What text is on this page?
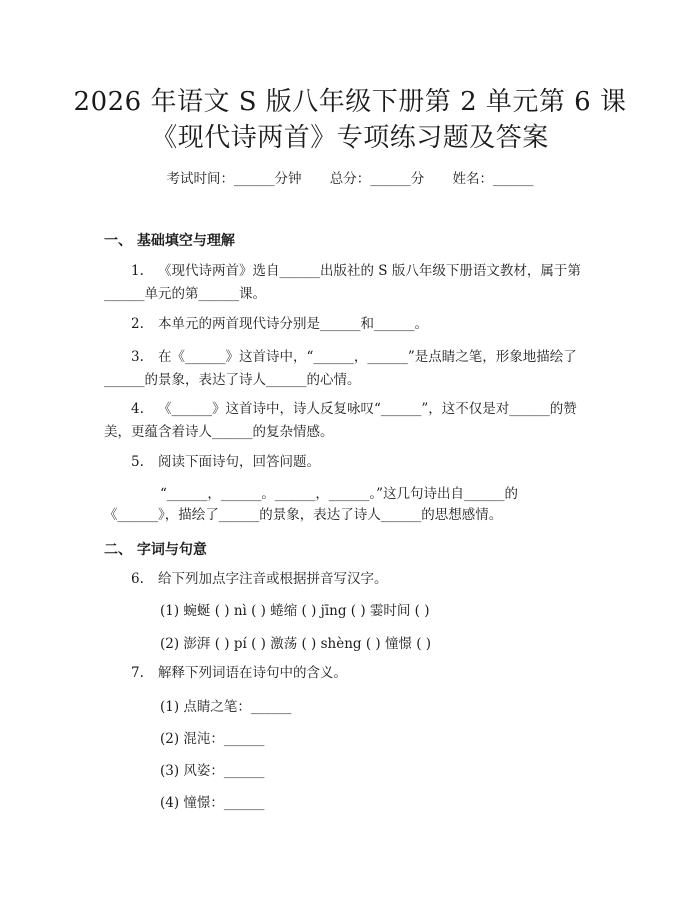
2026 年语文 S 版八年级下册第 2 单元第 6 课
《现代诗两首》专项练习题及答案
考试时间：______分钟 总分：______分 姓名：______
一、 基础填空与理解
1. 《现代诗两首》选自______出版社的 S 版八年级下册语文教材，属于第
______单元的第______课。
2. 本单元的两首现代诗分别是______和______。
3. 在《______》这首诗中，“______，______”是点睛之笔，形象地描绘了
______的景象，表达了诗人______的心情。
4. 《______》这首诗中，诗人反复咏叹“______”，这不仅是对______的赞
美，更蕴含着诗人______的复杂情感。
5. 阅读下面诗句，回答问题。
“______，______。______，______。”这几句诗出自______的
《______》，描绘了______的景象，表达了诗人______的思想感情。
二、 字词与句意
6. 给下列加点字注音或根据拼音写汉字。
(1) 蜿蜒 ( ) nì ( ) 蜷缩 ( ) jīng ( ) 霎时间 ( )
(2) 澎湃 ( ) pí ( ) 激荡 ( ) shèng ( ) 憧憬 ( )
7. 解释下列词语在诗句中的含义。
(1) 点睛之笔：______
(2) 混沌：______
(3) 风姿：______
(4) 憧憬：______
